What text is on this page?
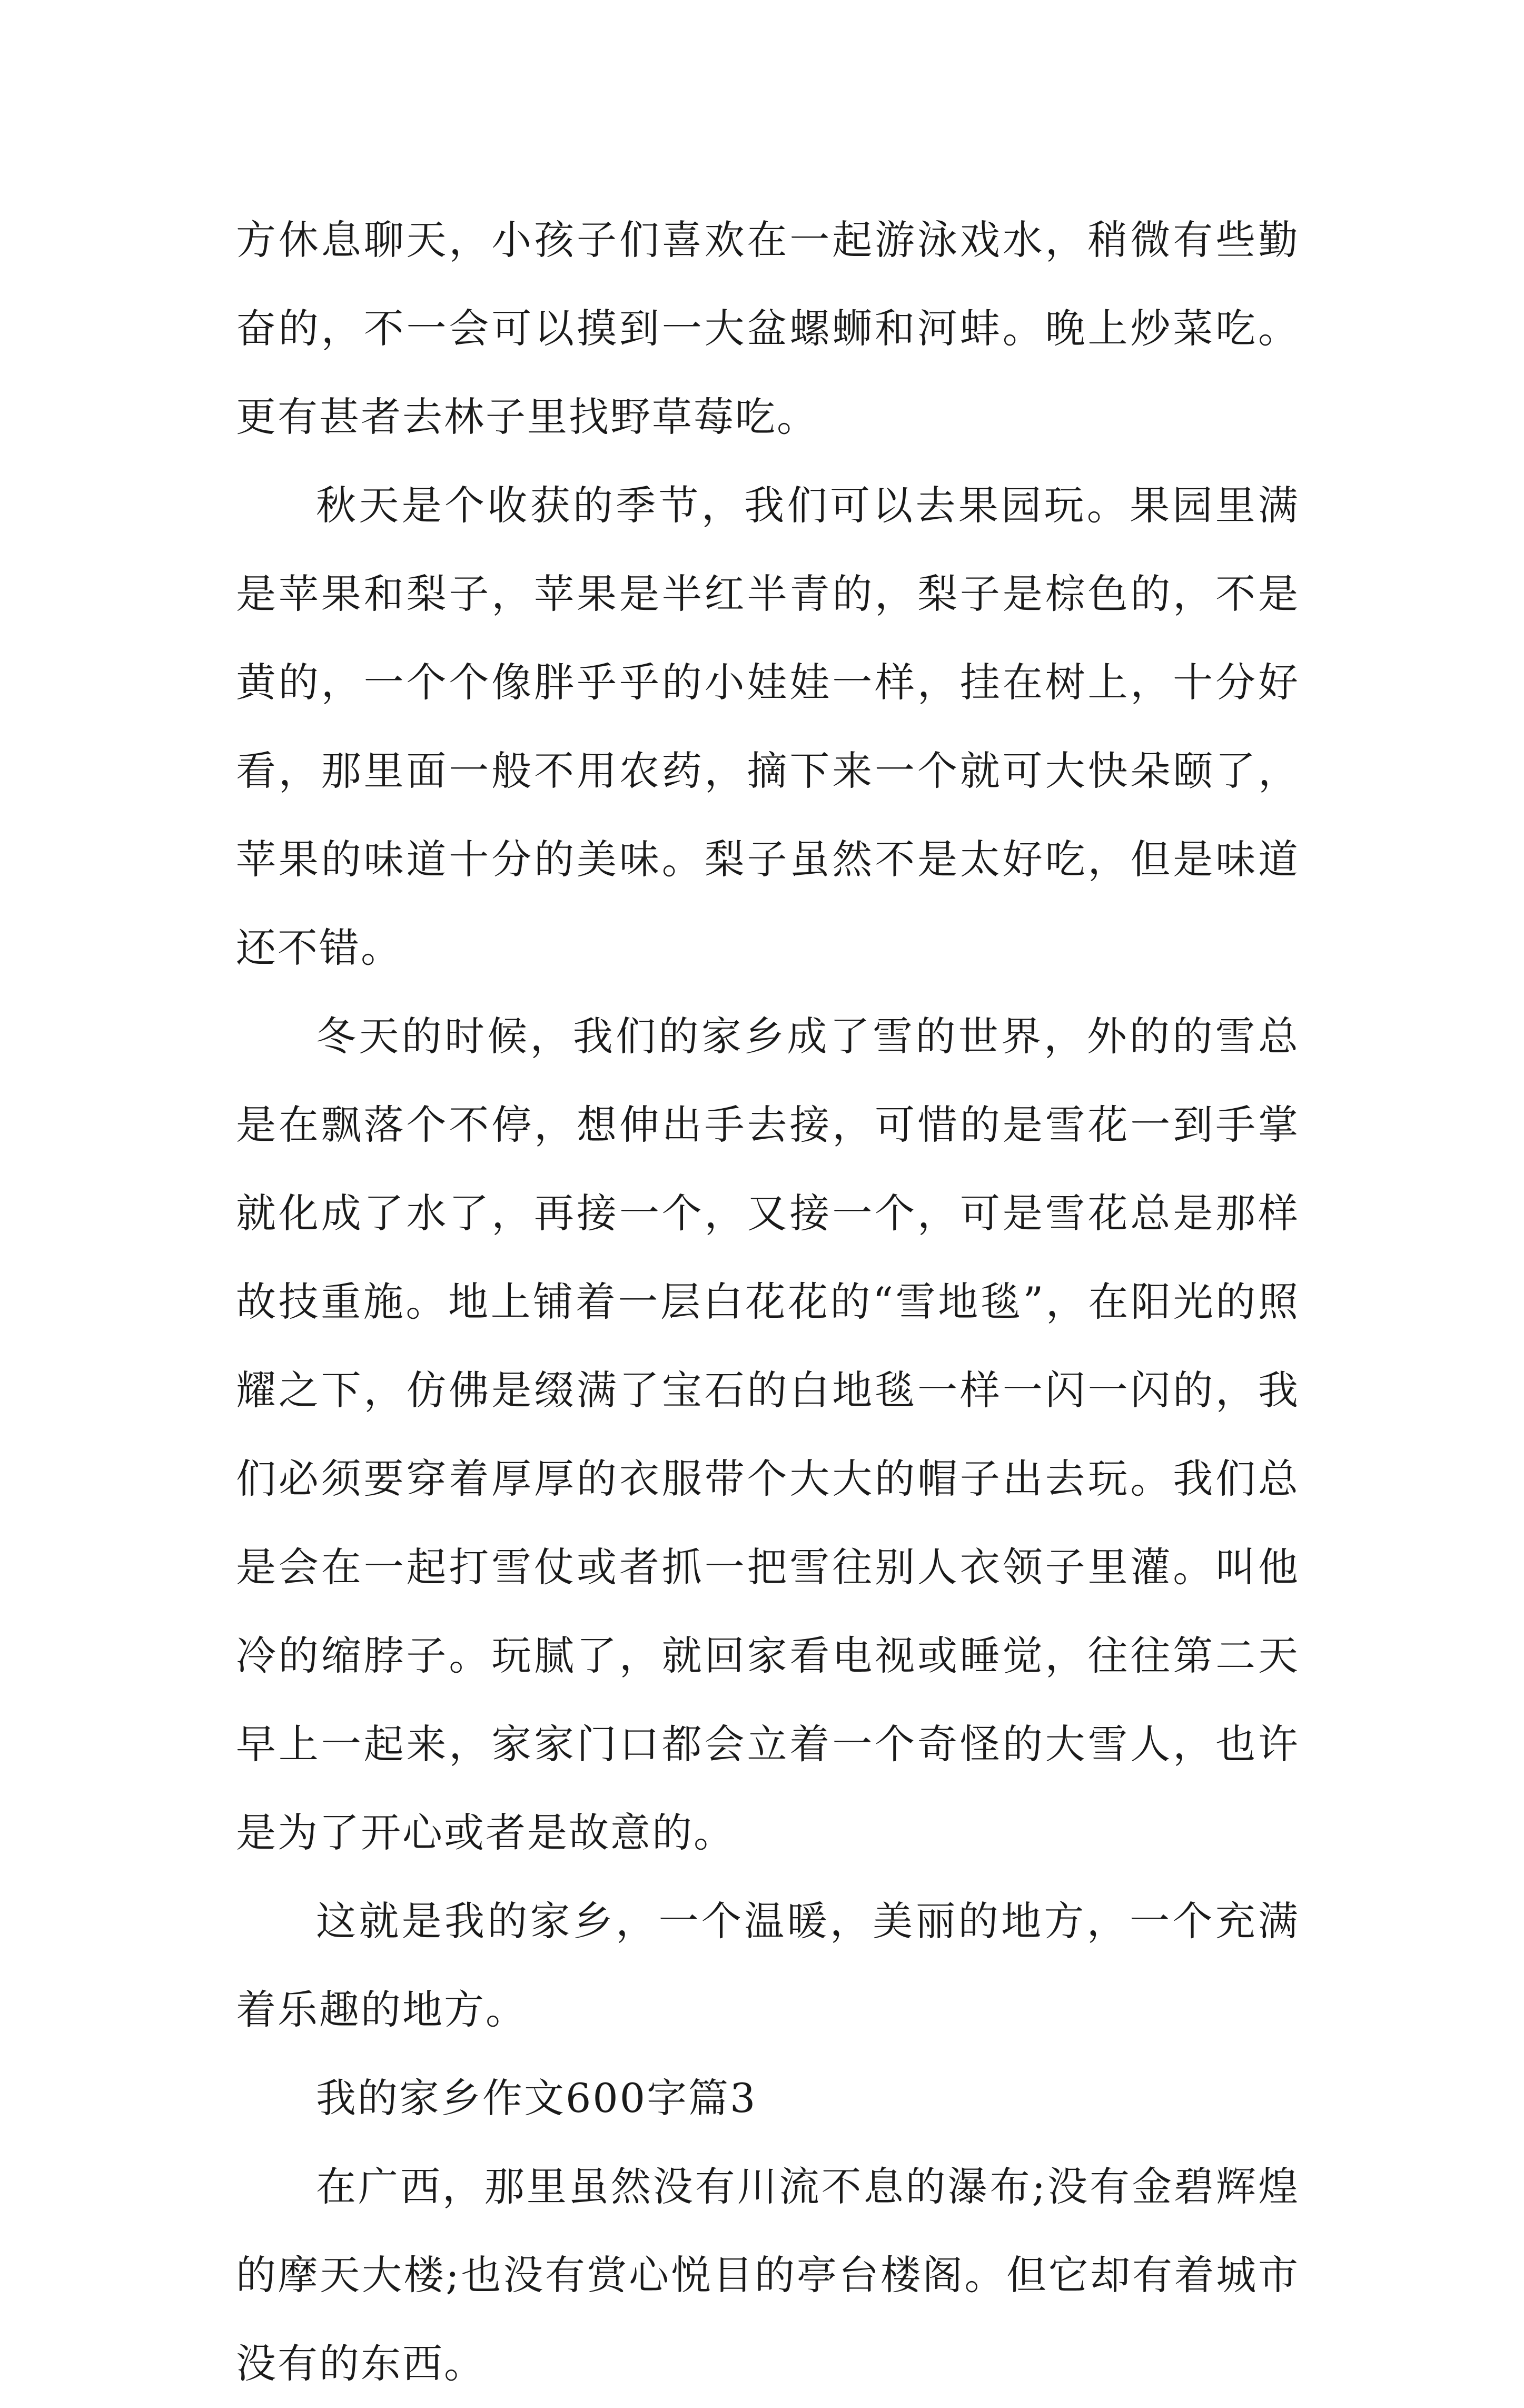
方休息聊天，小孩子们喜欢在一起游泳戏水，稍微有些勤奋的，不一会可以摸到一大盆螺蛳和河蚌。晚上炒菜吃。更有甚者去林子里找野草莓吃。

秋天是个收获的季节，我们可以去果园玩。果园里满是苹果和梨子，苹果是半红半青的，梨子是棕色的，不是黄的，一个个像胖乎乎的小娃娃一样，挂在树上，十分好看，那里面一般不用农药，摘下来一个就可大快朵颐了，苹果的味道十分的美味。梨子虽然不是太好吃，但是味道还不错。

冬天的时候，我们的家乡成了雪的世界，外的的雪总是在飘落个不停，想伸出手去接，可惜的是雪花一到手掌就化成了水了，再接一个，又接一个，可是雪花总是那样故技重施。地上铺着一层白花花的“雪地毯”，在阳光的照耀之下，仿佛是缀满了宝石的白地毯一样一闪一闪的，我们必须要穿着厚厚的衣服带个大大的帽子出去玩。我们总是会在一起打雪仗或者抓一把雪往别人衣领子里灌。叫他冷的缩脖子。玩腻了，就回家看电视或睡觉，往往第二天早上一起来，家家门口都会立着一个奇怪的大雪人，也许是为了开心或者是故意的。

这就是我的家乡，一个温暖，美丽的地方，一个充满着乐趣的地方。

我的家乡作文600字篇3

在广西，那里虽然没有川流不息的瀑布;没有金碧辉煌的摩天大楼;也没有赏心悦目的亭台楼阁。但它却有着城市没有的东西。
